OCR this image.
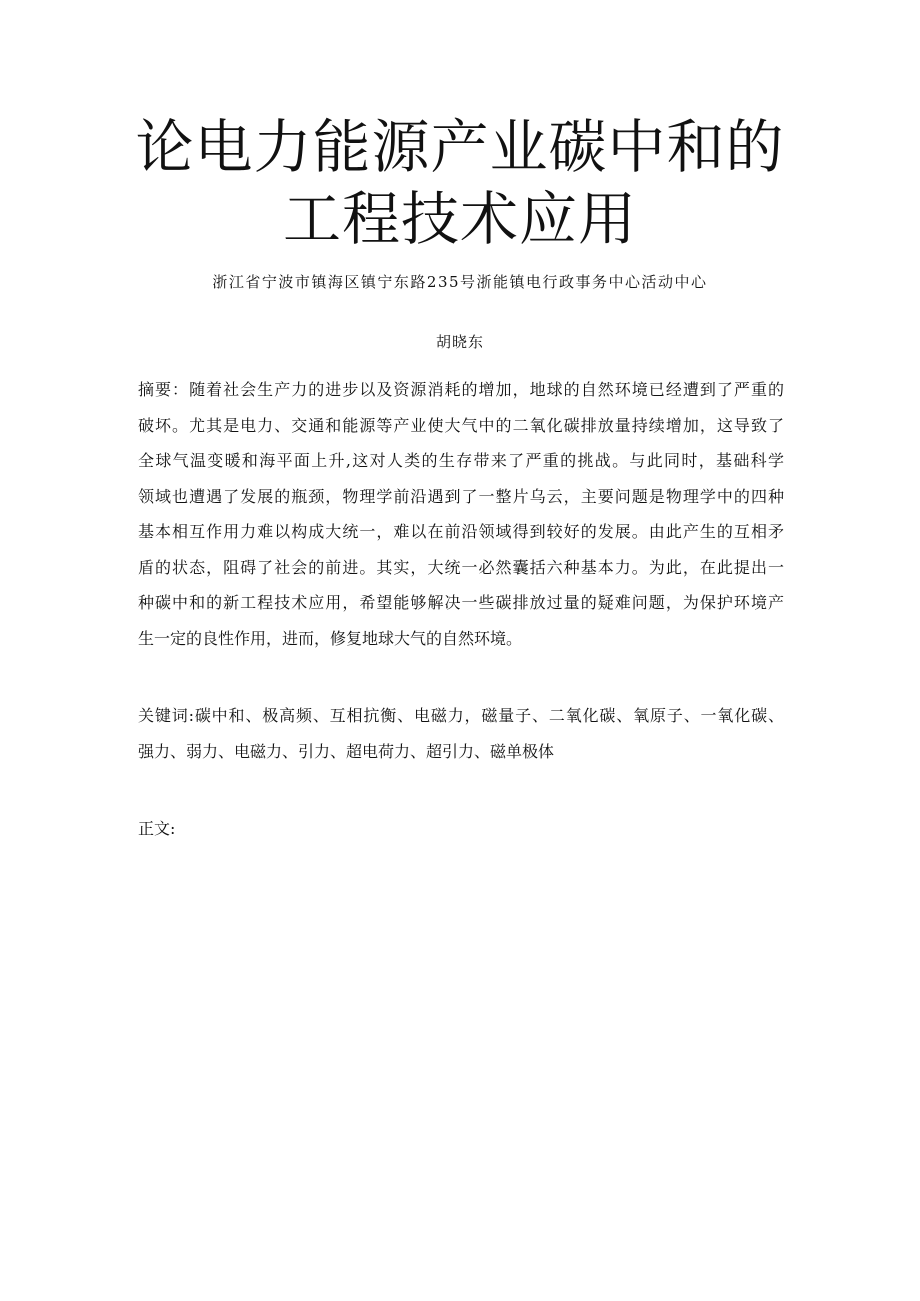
论电力能源产业碳中和的
工程技术应用
浙江省宁波市镇海区镇宁东路235号浙能镇电行政事务中心活动中心
胡晓东
摘要：随着社会生产力的进步以及资源消耗的增加，地球的自然环境已经遭到了严重的
破坏。尤其是电力、交通和能源等产业使大气中的二氧化碳排放量持续增加，这导致了
全球气温变暖和海平面上升,这对人类的生存带来了严重的挑战。与此同时，基础科学
领域也遭遇了发展的瓶颈，物理学前沿遇到了一整片乌云，主要问题是物理学中的四种
基本相互作用力难以构成大统一，难以在前沿领域得到较好的发展。由此产生的互相矛
盾的状态，阻碍了社会的前进。其实，大统一必然囊括六种基本力。为此，在此提出一
种碳中和的新工程技术应用，希望能够解决一些碳排放过量的疑难问题，为保护环境产
生一定的良性作用，进而，修复地球大气的自然环境。
关键词:碳中和、极高频、互相抗衡、电磁力，磁量子、二氧化碳、氧原子、一氧化碳、
强力、弱力、电磁力、引力、超电荷力、超引力、磁单极体
正文:
